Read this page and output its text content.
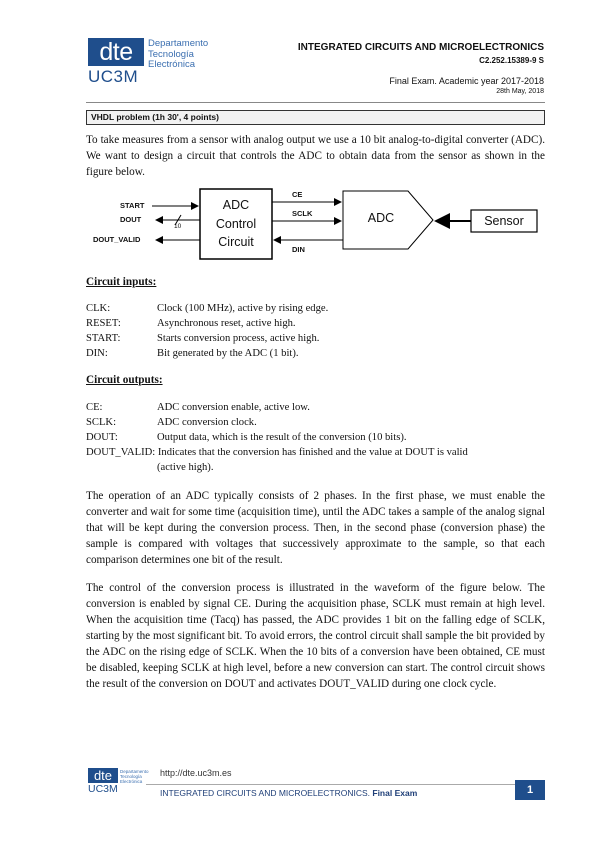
dte
UC3M
Departamento
Tecnología
Electrónica
INTEGRATED CIRCUITS AND MICROELECTRONICS
C2.252.15389-9 S
Final Exam. Academic year 2017-2018
28th May, 2018
VHDL problem (1h 30', 4 points)
To take measures from a sensor with analog output we use a 10 bit analog-to-digital converter (ADC). We want to design a circuit that controls the ADC to obtain data from the sensor as shown in the figure below.
START
DOUT
DOUT_VALID
10
ADC
Control
Circuit
CE
SCLK
DIN
ADC	Sensor
Circuit inputs:
CLK:	Clock (100 MHz), active by rising edge.
RESET:	Asynchronous reset, active high.
START:	Starts conversion process, active high.
DIN:	Bit generated by the ADC (1 bit).
Circuit outputs:
CE:	ADC conversion enable, active low.
SCLK:	ADC conversion clock.
DOUT:	Output data, which is the result of the conversion (10 bits).
DOUT_VALID: Indicates that the conversion has finished and the value at DOUT is valid
(active high).
The operation of an ADC typically consists of 2 phases. In the first phase, we must enable the converter and wait for some time (acquisition time), until the ADC takes a sample of the analog signal that will be kept during the conversion process. Then, in the second phase (conversion phase) the sample is compared with voltages that successively approximate to the sample, so that each comparison determines one bit of the result.
The control of the conversion process is illustrated in the waveform of the figure below. The conversion is enabled by signal CE. During the acquisition phase, SCLK must remain at high level. When the acquisition time (Tacq) has passed, the ADC provides 1 bit on the falling edge of SCLK, starting by the most significant bit. To avoid errors, the control circuit shall sample the bit provided by the ADC on the rising edge of SCLK. When the 10 bits of a conversion have been obtained, CE must be disabled, keeping SCLK at high level, before a new conversion can start. The control circuit shows the result of the conversion on DOUT and activates DOUT_VALID during one clock cycle.
dte
UC3M
Departamento
Tecnología
Electrónica
http://dte.uc3m.es
INTEGRATED CIRCUITS AND MICROELECTRONICS. Final Exam	1
